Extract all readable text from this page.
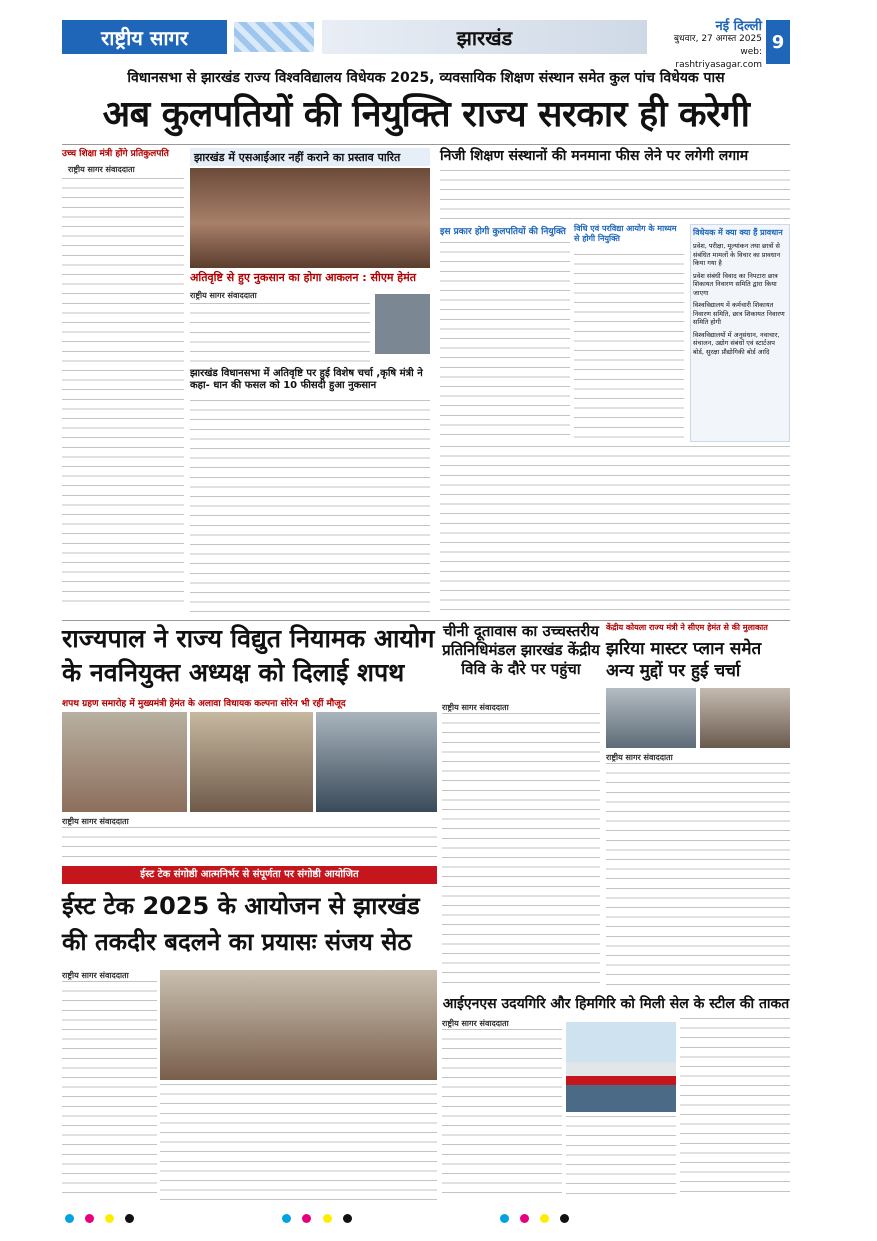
राष्ट्रीय सागर	झारखंड	नई दिल्ली
बुधवार, 27 अगस्त 2025
web: rashtriyasagar.com
9
विधानसभा से झारखंड राज्य विश्वविद्यालय विधेयक 2025, व्यवसायिक शिक्षण संस्थान समेत कुल पांच विधेयक पास
अब कुलपतियों की नियुक्ति राज्य सरकार ही करेगी
उच्च शिक्षा मंत्री होंगे प्रतिकुलपति
राष्ट्रीय सागर संवाददाता
झारखंड में एसआईआर नहीं कराने का प्रस्ताव पारित
अतिवृष्टि से हुए नुकसान का होगा आकलन : सीएम हेमंत
राष्ट्रीय सागर संवाददाता
झारखंड विधानसभा में अतिवृष्टि पर हुई विशेष चर्चा ,कृषि मंत्री ने कहा- धान की फसल को 10 फीसदी हुआ नुकसान
निजी शिक्षण संस्थानों की मनमाना फीस लेने पर लगेगी लगाम
इस प्रकार होगी कुलपतियों की नियुक्ति	विधि एवं परविद्या आयोग के माध्यम से होगी नियुक्ति
विधेयक में क्या क्या हैं प्रावधान
प्रवेश, परीक्षा, मूल्यांकन तथा छात्रों से संबंधित मामलों के विचार का प्रावधान किया गया है
प्रवेश संबंधी विवाद का निपटारा छात्र शिकायत निवारण समिति द्वारा किया जाएगा
विश्वविद्यालय में कर्मचारी शिकायत निवारण समिति, छात्र शिकायत निवारण समिति होगी
विश्वविद्यालयों में अनुसंधान, नवाचार, संचालन, उद्योग संबंधों एवं स्टार्टअप बोर्ड, सुरक्षा प्रौद्योगिकी बोर्ड आदि
राज्यपाल ने राज्य विद्युत नियामक आयोग के नवनियुक्त अध्यक्ष को दिलाई शपथ
शपथ ग्रहण समारोह में मुख्यमंत्री हेमंत के अलावा विधायक कल्पना सोरेन भी रहीं मौजूद
राष्ट्रीय सागर संवाददाता
ईस्ट टेक संगोष्ठी आत्मनिर्भर से संपूर्णता पर संगोष्ठी आयोजित
ईस्ट टेक 2025 के आयोजन से झारखंड की तकदीर बदलने का प्रयासः संजय सेठ
राष्ट्रीय सागर संवाददाता
चीनी दूतावास का उच्चस्तरीय प्रतिनिधिमंडल झारखंड केंद्रीय विवि के दौरे पर पहुंचा
राष्ट्रीय सागर संवाददाता
केंद्रीय कोयला राज्य मंत्री ने सीएम हेमंत से की मुलाकात
झरिया मास्टर प्लान समेत अन्य मुद्दों पर हुई चर्चा
राष्ट्रीय सागर संवाददाता
आईएनएस उदयगिरि और हिमगिरि को मिली सेल के स्टील की ताकत
राष्ट्रीय सागर संवाददाता
